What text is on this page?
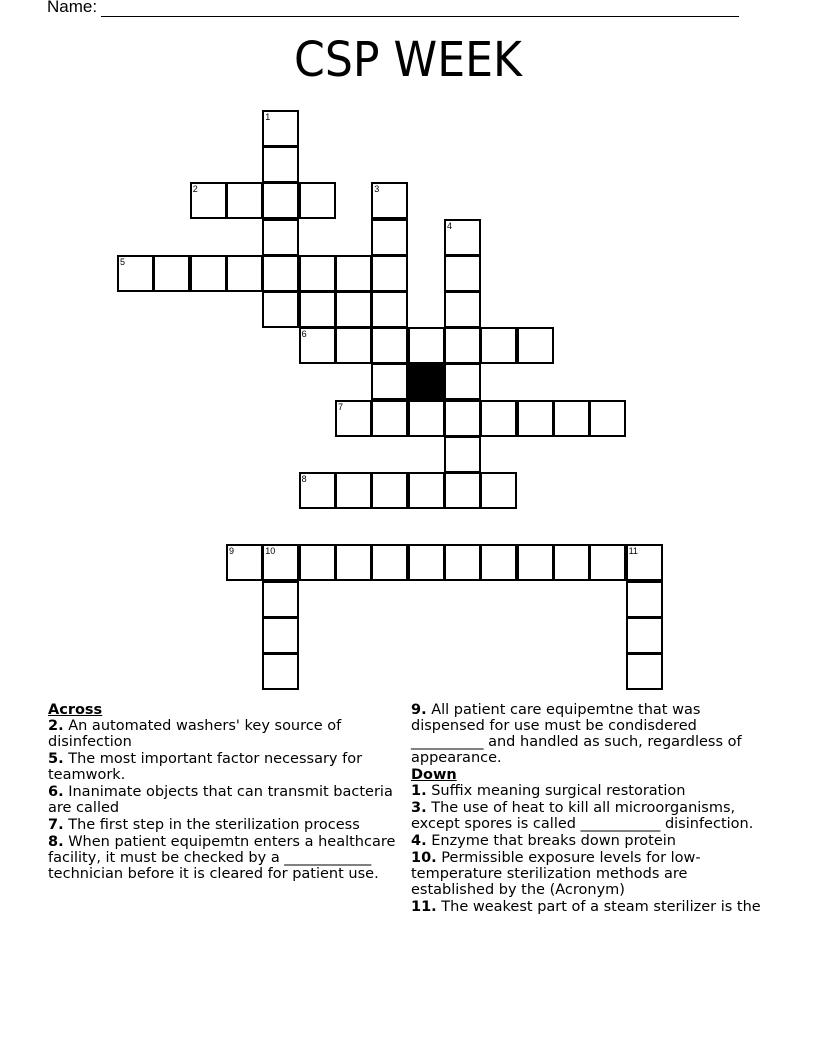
Name:
CSP WEEK
1
2	3
4
5
6
7
8
9	10	11

Across

2. An automated washers' key source of disinfection

5. The most important factor necessary for teamwork.

6. Inanimate objects that can transmit bacteria are called

7. The first step in the sterilization process

8. When patient equipemtn enters a healthcare facility, it must be checked by a ____________ technician before it is cleared for patient use.

9. All patient care equipemtne that was dispensed for use must be condisdered __________ and handled as such, regardless of appearance.

Down

1. Suffix meaning surgical restoration

3. The use of heat to kill all microorganisms, except spores is called ___________ disinfection.

4. Enzyme that breaks down protein

10. Permissible exposure levels for low-temperature sterilization methods are established by the (Acronym)

11. The weakest part of a steam sterilizer is the
